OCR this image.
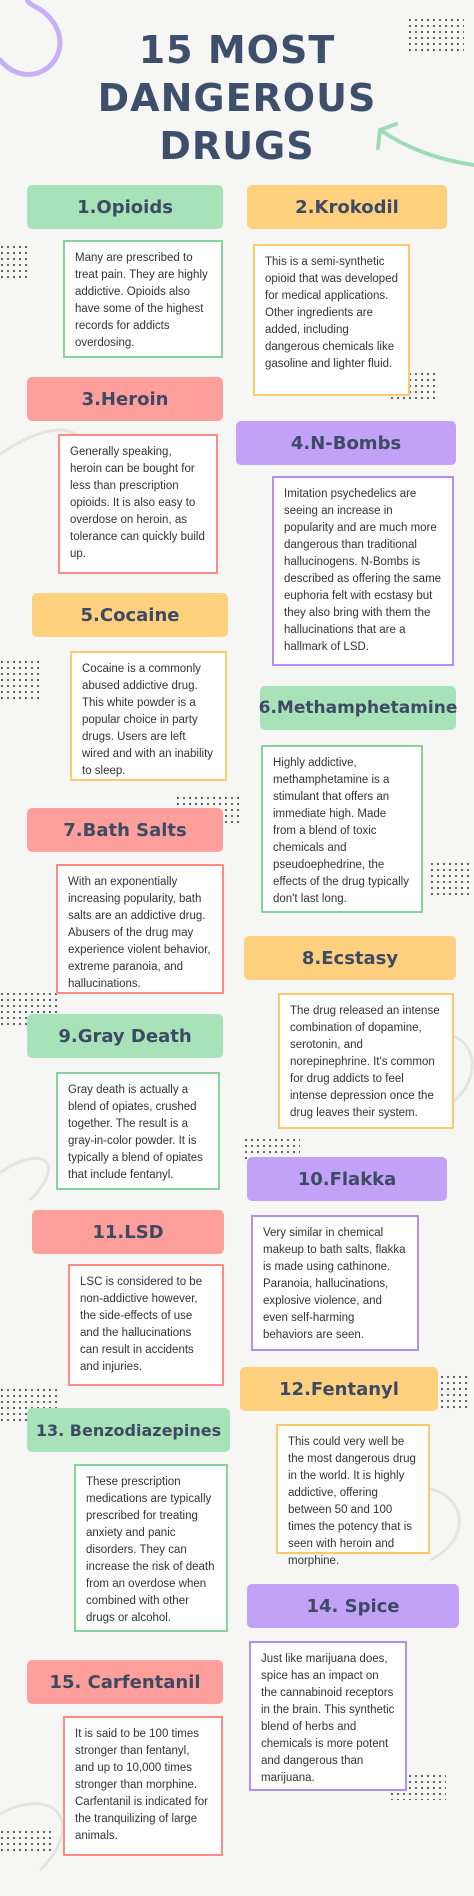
15 MOST
DANGEROUS
DRUGS
Many are prescribed to treat pain. They are highly addictive. Opioids also have some of the highest records for addicts overdosing.
1.Opioids
This is a semi-synthetic opioid that was developed for medical applications. Other ingredients are added, including dangerous chemicals like gasoline and lighter fluid.
2.Krokodil
Generally speaking, heroin can be bought for less than prescription opioids. It is also easy to overdose on heroin, as tolerance can quickly build up.
3.Heroin
Imitation psychedelics are seeing an increase in popularity and are much more dangerous than traditional hallucinogens. N-Bombs is described as offering the same euphoria felt with ecstasy but they also bring with them the hallucinations that are a hallmark of LSD.
4.N-Bombs
Cocaine is a commonly abused addictive drug. This white powder is a popular choice in party drugs. Users are left wired and with an inability to sleep.
5.Cocaine
Highly addictive, methamphetamine is a stimulant that offers an immediate high. Made from a blend of toxic chemicals and pseudoephedrine, the effects of the drug typically don't last long.
6.Methamphetamine
With an exponentially increasing popularity, bath salts are an addictive drug. Abusers of the drug may experience violent behavior, extreme paranoia, and hallucinations.
7.Bath Salts
The drug released an intense combination of dopamine, serotonin, and norepinephrine. It's common for drug addicts to feel intense depression once the drug leaves their system.
8.Ecstasy
Gray death is actually a blend of opiates, crushed together. The result is a gray-in-color powder. It is typically a blend of opiates that include fentanyl.
9.Gray Death
Very similar in chemical makeup to bath salts, flakka is made using cathinone. Paranoia, hallucinations, explosive violence, and even self-harming behaviors are seen.
10.Flakka
LSC is considered to be non-addictive however, the side-effects of use and the hallucinations can result in accidents and injuries.
11.LSD
This could very well be the most dangerous drug in the world. It is highly addictive, offering between 50 and 100 times the potency that is seen with heroin and morphine.
12.Fentanyl
These prescription medications are typically prescribed for treating anxiety and panic disorders. They can increase the risk of death from an overdose when combined with other drugs or alcohol.
13. Benzodiazepines
Just like marijuana does, spice has an impact on the cannabinoid receptors in the brain. This synthetic blend of herbs and chemicals is more potent and dangerous than marijuana.
14. Spice
It is said to be 100 times stronger than fentanyl, and up to 10,000 times stronger than morphine. Carfentanil is indicated for the tranquilizing of large animals.
15. Carfentanil
